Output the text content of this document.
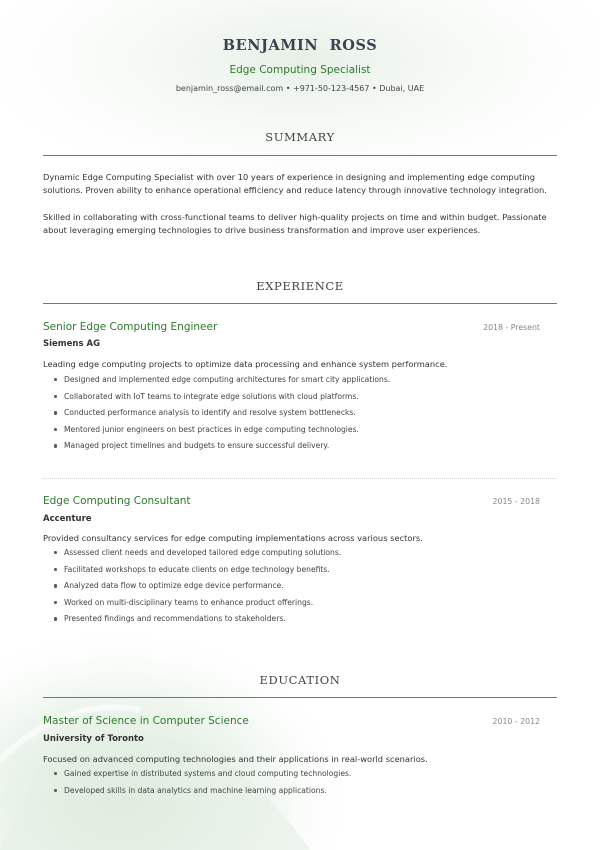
BENJAMIN  ROSS
Edge Computing Specialist
benjamin_ross@email.com • +971-50-123-4567 • Dubai, UAE
SUMMARY
Dynamic Edge Computing Specialist with over 10 years of experience in designing and implementing edge computing solutions. Proven ability to enhance operational efficiency and reduce latency through innovative technology integration.
Skilled in collaborating with cross-functional teams to deliver high-quality projects on time and within budget. Passionate about leveraging emerging technologies to drive business transformation and improve user experiences.
EXPERIENCE
Senior Edge Computing Engineer	2018 - Present
Siemens AG
Leading edge computing projects to optimize data processing and enhance system performance.
Designed and implemented edge computing architectures for smart city applications.
Collaborated with IoT teams to integrate edge solutions with cloud platforms.
Conducted performance analysis to identify and resolve system bottlenecks.
Mentored junior engineers on best practices in edge computing technologies.
Managed project timelines and budgets to ensure successful delivery.
Edge Computing Consultant	2015 - 2018
Accenture
Provided consultancy services for edge computing implementations across various sectors.
Assessed client needs and developed tailored edge computing solutions.
Facilitated workshops to educate clients on edge technology benefits.
Analyzed data flow to optimize edge device performance.
Worked on multi-disciplinary teams to enhance product offerings.
Presented findings and recommendations to stakeholders.
EDUCATION
Master of Science in Computer Science	2010 - 2012
University of Toronto
Focused on advanced computing technologies and their applications in real-world scenarios.
Gained expertise in distributed systems and cloud computing technologies.
Developed skills in data analytics and machine learning applications.
